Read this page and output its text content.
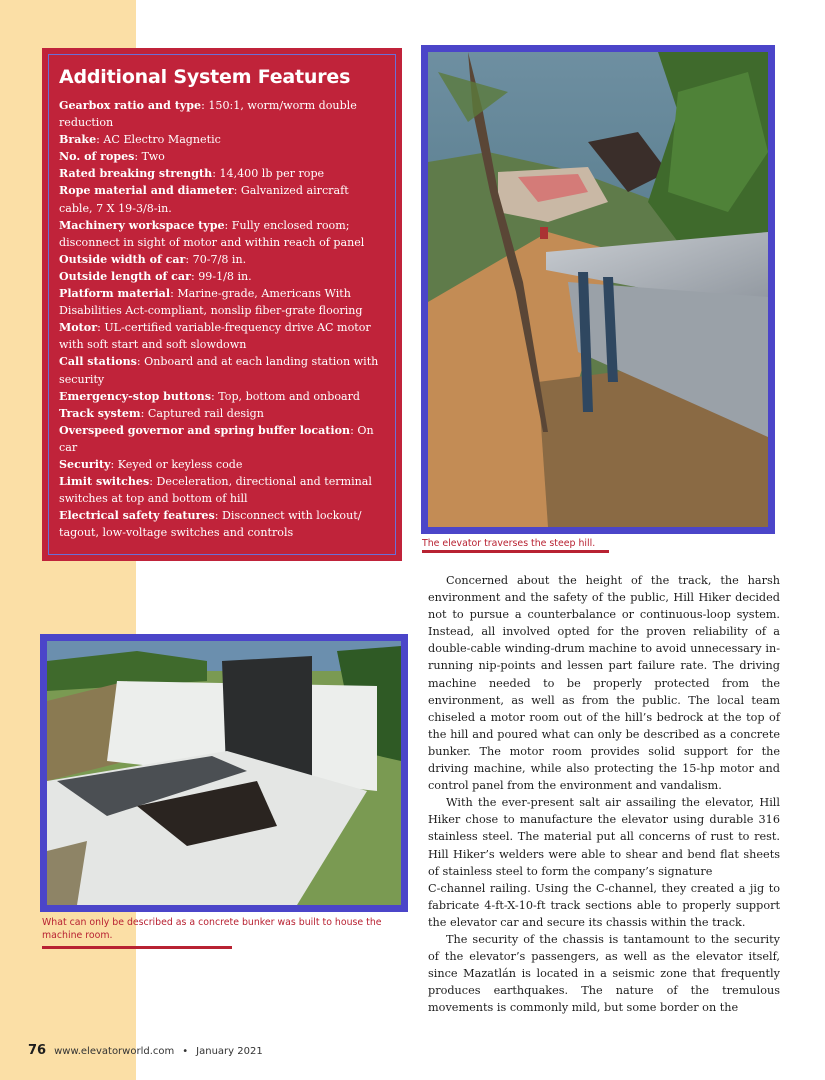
Additional System Features
Gearbox ratio and type: 150:1, worm/worm double reduction
Brake: AC Electro Magnetic
No. of ropes: Two
Rated breaking strength: 14,400 lb per rope
Rope material and diameter: Galvanized aircraft cable, 7 X 19-3/8-in.
Machinery workspace type: Fully enclosed room; disconnect in sight of motor and within reach of panel
Outside width of car: 70-7/8 in.
Outside length of car: 99-1/8 in.
Platform material: Marine-grade, Americans With Disabilities Act-compliant, nonslip fiber-grate flooring
Motor: UL-certified variable-frequency drive AC motor with soft start and soft slowdown
Call stations: Onboard and at each landing station with security
Emergency-stop buttons: Top, bottom and onboard
Track system: Captured rail design
Overspeed governor and spring buffer location: On car
Security: Keyed or keyless code
Limit switches: Deceleration, directional and terminal switches at top and bottom of hill
Electrical safety features: Disconnect with lockout/ tagout, low-voltage switches and controls
The elevator traverses the steep hill.
What can only be described as a concrete bunker was built to house the machine room.

Concerned about the height of the track, the harsh environment and the safety of the public, Hill Hiker decided not to pursue a counterbalance or continuous-loop system. Instead, all involved opted for the proven reliability of a double-cable winding-drum machine to avoid unnecessary in-running nip-points and lessen part failure rate. The driving machine needed to be properly protected from the environment, as well as from the public. The local team chiseled a motor room out of the hill’s bedrock at the top of the hill and poured what can only be described as a concrete bunker. The motor room provides solid support for the driving machine, while also protecting the 15-hp motor and control panel from the environment and vandalism.

With the ever-present salt air assailing the elevator, Hill Hiker chose to manufacture the elevator using durable 316 stainless steel. The material put all concerns of rust to rest. Hill Hiker’s welders were able to shear and bend flat sheets of stainless steel to form the company’s signature
C-channel railing. Using the C-channel, they created a jig to fabricate 4-ft-X-10-ft track sections able to properly support the elevator car and secure its chassis within the track.

The security of the chassis is tantamount to the security of the elevator’s passengers, as well as the elevator itself, since Mazatlán is located in a seismic zone that frequently produces earthquakes. The nature of the tremulous movements is commonly mild, but some border on the

76 www.elevatorworld.com • January 2021
